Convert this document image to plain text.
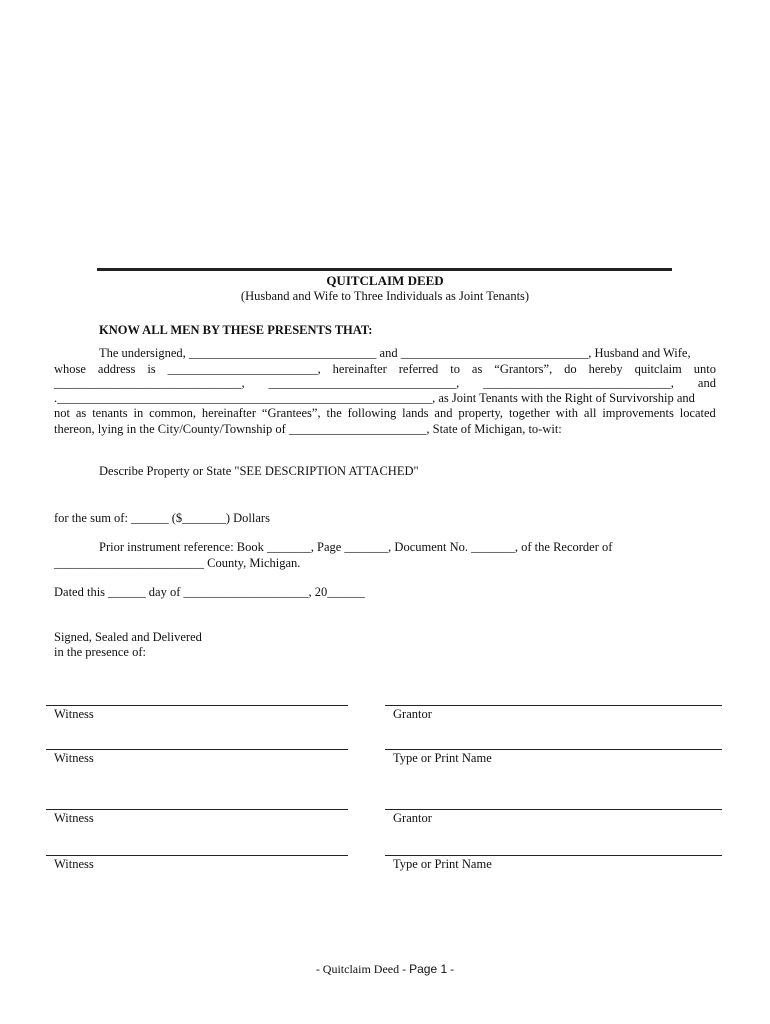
QUITCLAIM DEED
(Husband and Wife to Three Individuals as Joint Tenants)
KNOW ALL MEN BY THESE PRESENTS THAT:
The undersigned, ______________________________ and ______________________________, Husband and Wife,
whose address is ________________________, hereinafter referred to as “Grantors”, do hereby quitclaim unto
______________________________, ______________________________, ______________________________, and
.____________________________________________________________, as Joint Tenants with the Right of Survivorship and
not as tenants in common, hereinafter “Grantees”, the following lands and property, together with all improvements located
thereon, lying in the City/County/Township of ______________________, State of Michigan, to-wit:
Describe Property or State "SEE DESCRIPTION ATTACHED"
for the sum of: ______ ($_______) Dollars
Prior instrument reference: Book _______, Page _______, Document No. _______, of the Recorder of
________________________ County, Michigan.
Dated this ______ day of ____________________, 20______
Signed, Sealed and Delivered
in the presence of:
Witness	Grantor
Witness	Type or Print Name
Witness	Grantor
Witness	Type or Print Name
- Quitclaim Deed - Page 1 -
